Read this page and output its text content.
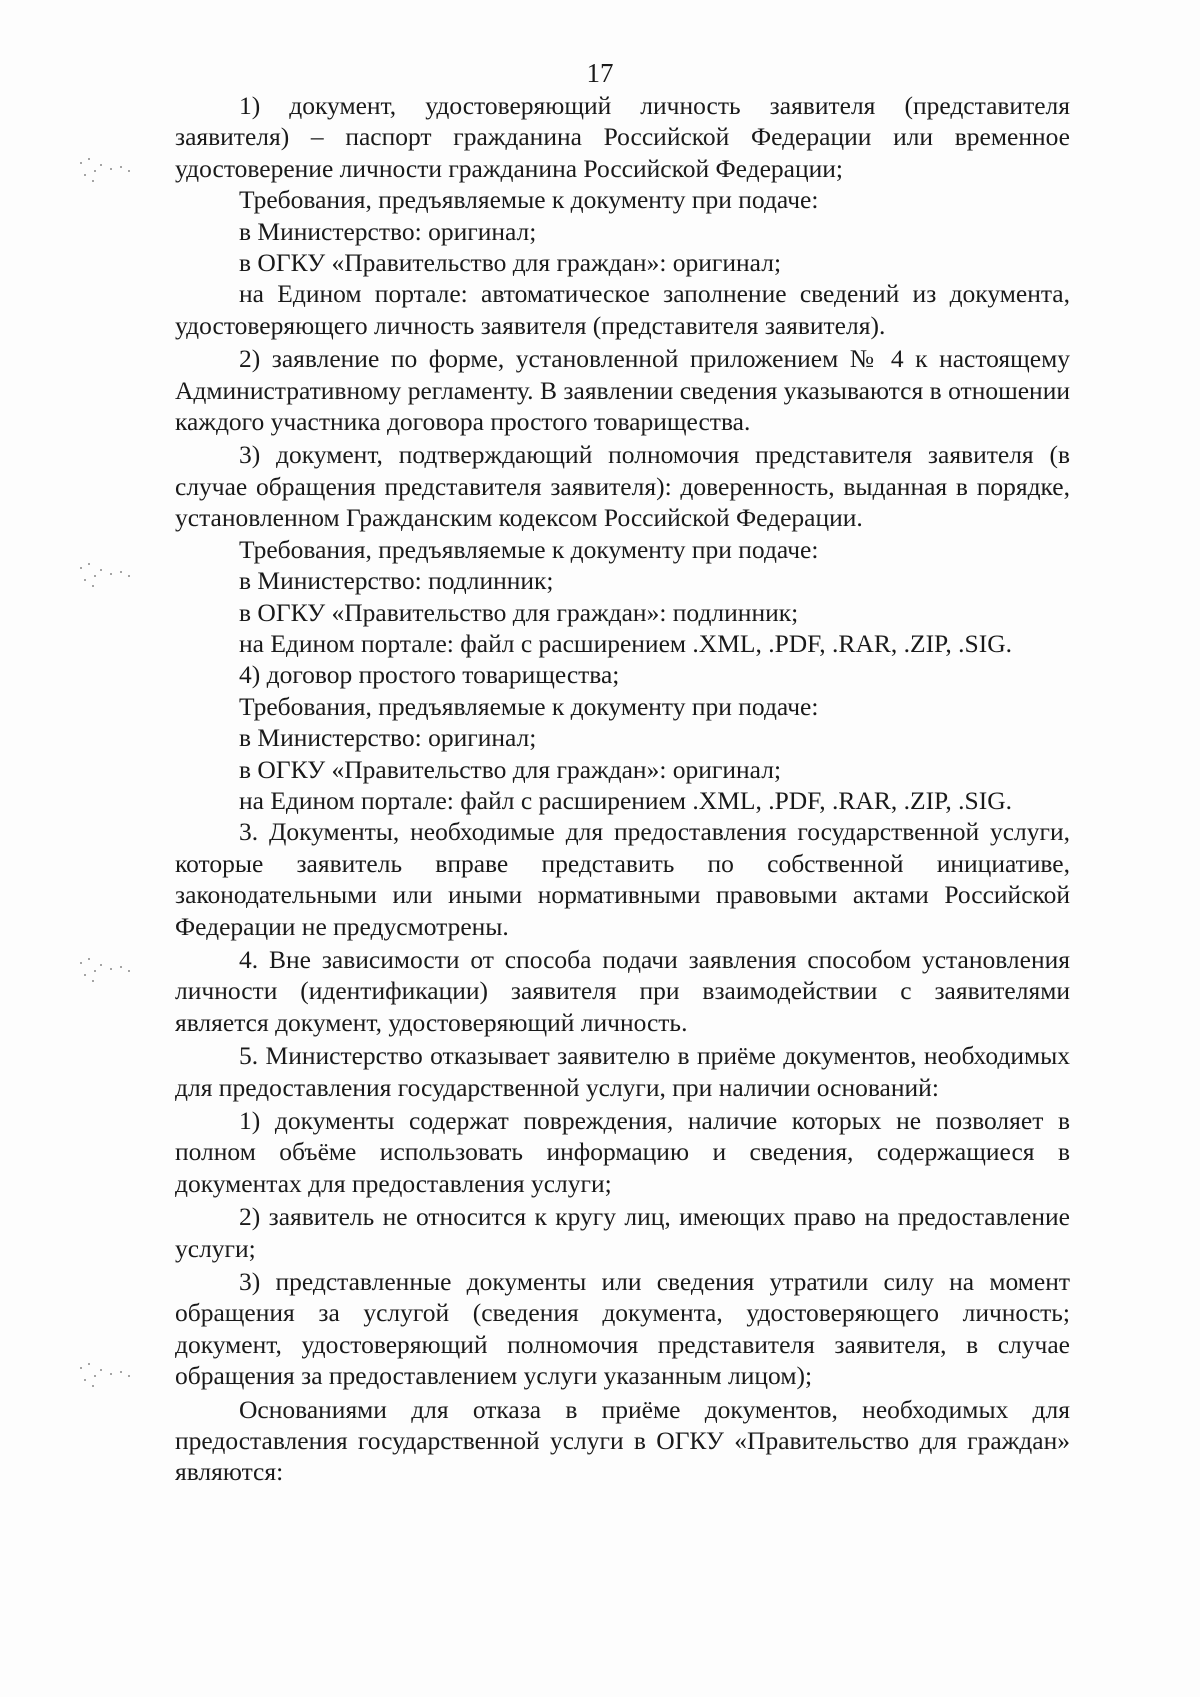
17

1) документ, удостоверяющий личность заявителя (представителя заявителя) – паспорт гражданина Российской Федерации или временное удостоверение личности гражданина Российской Федерации;

Требования, предъявляемые к документу при подаче:

в Министерство: оригинал;

в ОГКУ «Правительство для граждан»: оригинал;

на Едином портале: автоматическое заполнение сведений из документа, удостоверяющего личность заявителя (представителя заявителя).

2) заявление по форме, установленной приложением № 4 к настоящему Административному регламенту. В заявлении сведения указываются в отношении каждого участника договора простого товарищества.

3) документ, подтверждающий полномочия представителя заявителя (в случае обращения представителя заявителя): доверенность, выданная в порядке, установленном Гражданским кодексом Российской Федерации.

Требования, предъявляемые к документу при подаче:

в Министерство: подлинник;

в ОГКУ «Правительство для граждан»: подлинник;

на Едином портале: файл с расширением .XML, .PDF, .RAR, .ZIP, .SIG.

4) договор простого товарищества;

Требования, предъявляемые к документу при подаче:

в Министерство: оригинал;

в ОГКУ «Правительство для граждан»: оригинал;

на Едином портале: файл с расширением .XML, .PDF, .RAR, .ZIP, .SIG.

3. Документы, необходимые для предоставления государственной услуги, которые заявитель вправе представить по собственной инициативе, законодательными или иными нормативными правовыми актами Российской Федерации не предусмотрены.

4. Вне зависимости от способа подачи заявления способом установления личности (идентификации) заявителя при взаимодействии с заявителями является документ, удостоверяющий личность.

5. Министерство отказывает заявителю в приёме документов, необходимых для предоставления государственной услуги, при наличии оснований:

1) документы содержат повреждения, наличие которых не позволяет в полном объёме использовать информацию и сведения, содержащиеся в документах для предоставления услуги;

2) заявитель не относится к кругу лиц, имеющих право на предоставление услуги;

3) представленные документы или сведения утратили силу на момент обращения за услугой (сведения документа, удостоверяющего личность; документ, удостоверяющий полномочия представителя заявителя, в случае обращения за предоставлением услуги указанным лицом);

Основаниями для отказа в приёме документов, необходимых для предоставления государственной услуги в ОГКУ «Правительство для граждан» являются:
